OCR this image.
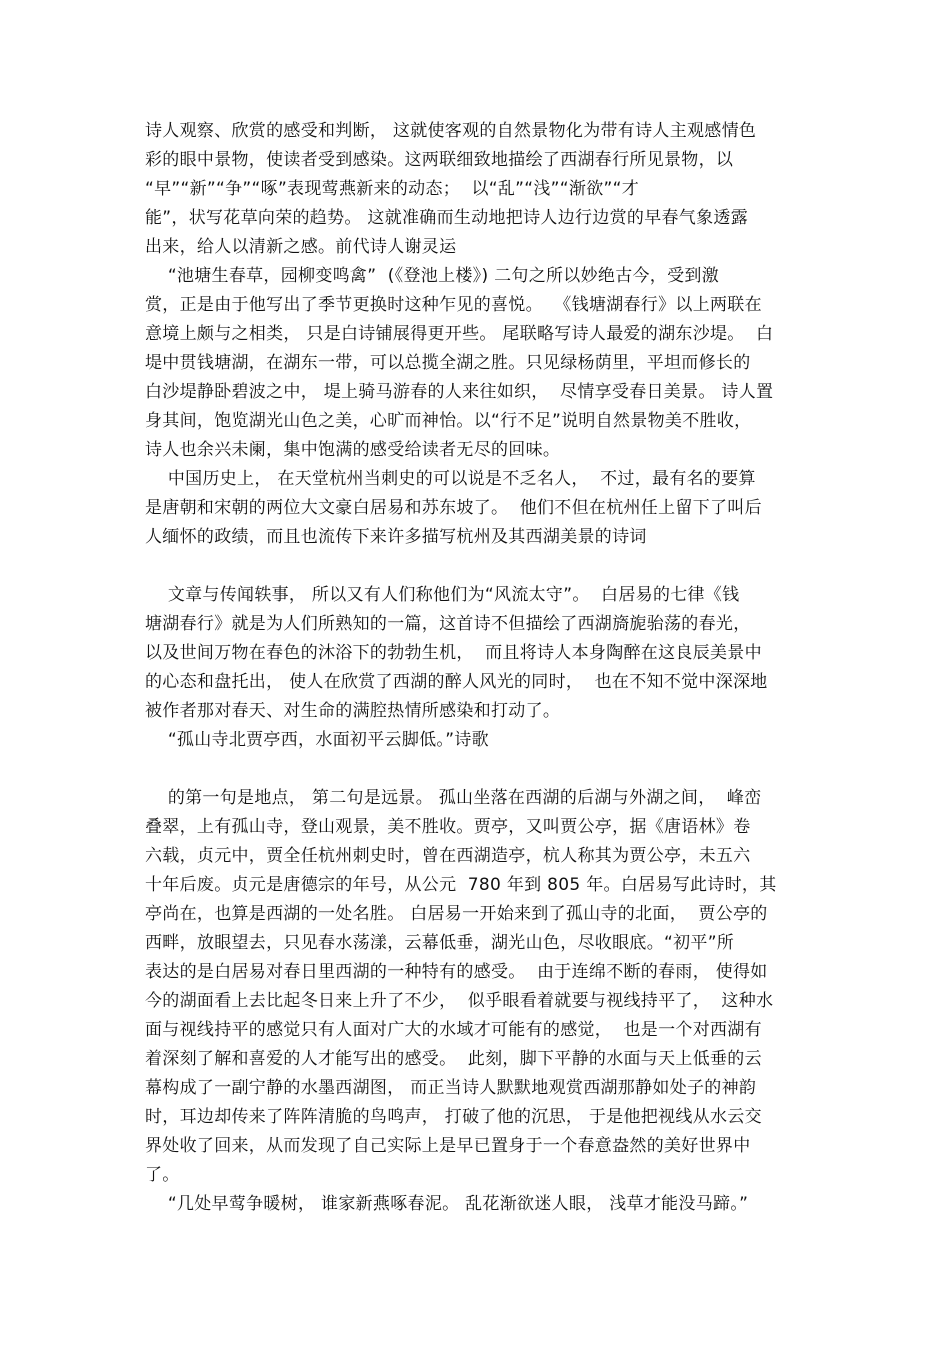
诗人观察、欣赏的感受和判断， 这就使客观的自然景物化为带有诗人主观感情色
彩的眼中景物，使读者受到感染。这两联细致地描绘了西湖春行所见景物，以
“早”“新”“争”“啄”表现莺燕新来的动态；  以“乱”“浅”“渐欲”“才
能”，状写花草向荣的趋势。 这就准确而生动地把诗人边行边赏的早春气象透露
出来，给人以清新之感。前代诗人谢灵运
“池塘生春草，园柳变鸣禽”  (《登池上楼》) 二句之所以妙绝古今，受到激
赏，正是由于他写出了季节更换时这种乍见的喜悦。  《钱塘湖春行》以上两联在
意境上颇与之相类， 只是白诗铺展得更开些。 尾联略写诗人最爱的湖东沙堤。  白
堤中贯钱塘湖，在湖东一带，可以总揽全湖之胜。只见绿杨荫里，平坦而修长的
白沙堤静卧碧波之中， 堤上骑马游春的人来往如织，  尽情享受春日美景。 诗人置
身其间，饱览湖光山色之美，心旷而神怡。以“行不足”说明自然景物美不胜收，
诗人也余兴未阑，集中饱满的感受给读者无尽的回味。
中国历史上， 在天堂杭州当刺史的可以说是不乏名人，  不过，最有名的要算
是唐朝和宋朝的两位大文豪白居易和苏东坡了。  他们不但在杭州任上留下了叫后
人缅怀的政绩，而且也流传下来许多描写杭州及其西湖美景的诗词
文章与传闻轶事， 所以又有人们称他们为“风流太守”。  白居易的七律《钱
塘湖春行》就是为人们所熟知的一篇，这首诗不但描绘了西湖旖旎骀荡的春光，
以及世间万物在春色的沐浴下的勃勃生机，  而且将诗人本身陶醉在这良辰美景中
的心态和盘托出， 使人在欣赏了西湖的醉人风光的同时，  也在不知不觉中深深地
被作者那对春天、对生命的满腔热情所感染和打动了。
“孤山寺北贾亭西，水面初平云脚低。”诗歌
的第一句是地点， 第二句是远景。 孤山坐落在西湖的后湖与外湖之间，  峰峦
叠翠，上有孤山寺，登山观景，美不胜收。贾亭，又叫贾公亭，据《唐语林》卷
六载，贞元中，贾全任杭州刺史时，曾在西湖造亭，杭人称其为贾公亭，未五六
十年后废。贞元是唐德宗的年号，从公元  780 年到 805 年。白居易写此诗时，其
亭尚在，也算是西湖的一处名胜。 白居易一开始来到了孤山寺的北面，  贾公亭的
西畔，放眼望去，只见春水荡漾，云幕低垂，湖光山色，尽收眼底。“初平”所
表达的是白居易对春日里西湖的一种特有的感受。  由于连绵不断的春雨， 使得如
今的湖面看上去比起冬日来上升了不少，  似乎眼看着就要与视线持平了，  这种水
面与视线持平的感觉只有人面对广大的水域才可能有的感觉，  也是一个对西湖有
着深刻了解和喜爱的人才能写出的感受。  此刻，脚下平静的水面与天上低垂的云
幕构成了一副宁静的水墨西湖图， 而正当诗人默默地观赏西湖那静如处子的神韵
时，耳边却传来了阵阵清脆的鸟鸣声， 打破了他的沉思， 于是他把视线从水云交
界处收了回来，从而发现了自己实际上是早已置身于一个春意盎然的美好世界中
了。
“几处早莺争暖树， 谁家新燕啄春泥。 乱花渐欲迷人眼， 浅草才能没马蹄。”
